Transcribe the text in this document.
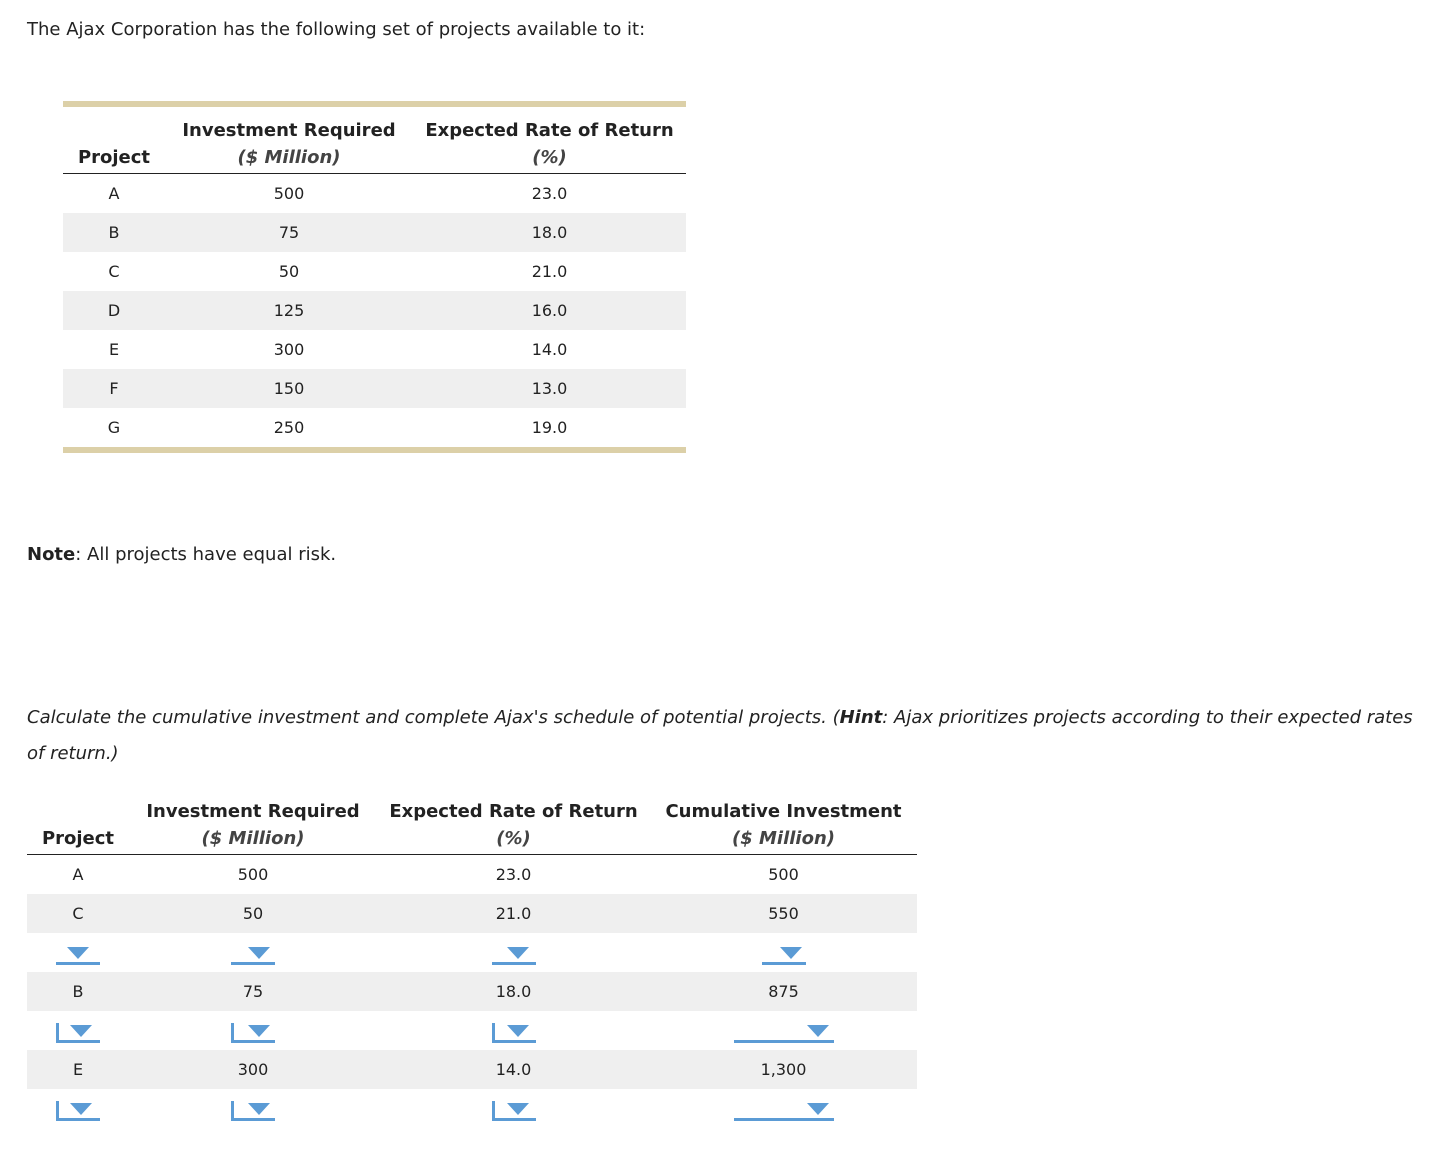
The Ajax Corporation has the following set of projects available to it:
	Investment Required	Expected Rate of Return
Project	($ Million)	(%)
A	500	23.0
B	75	18.0
C	50	21.0
D	125	16.0
E	300	14.0
F	150	13.0
G	250	19.0
Note: All projects have equal risk.
Calculate the cumulative investment and complete Ajax's schedule of potential projects. (Hint: Ajax prioritizes projects according to their expected rates of return.)
	Investment Required	Expected Rate of Return	Cumulative Investment
Project	($ Million)	(%)	($ Million)
A	500	23.0	500
C	50	21.0	550

B	75	18.0	875

E	300	14.0	1,300
